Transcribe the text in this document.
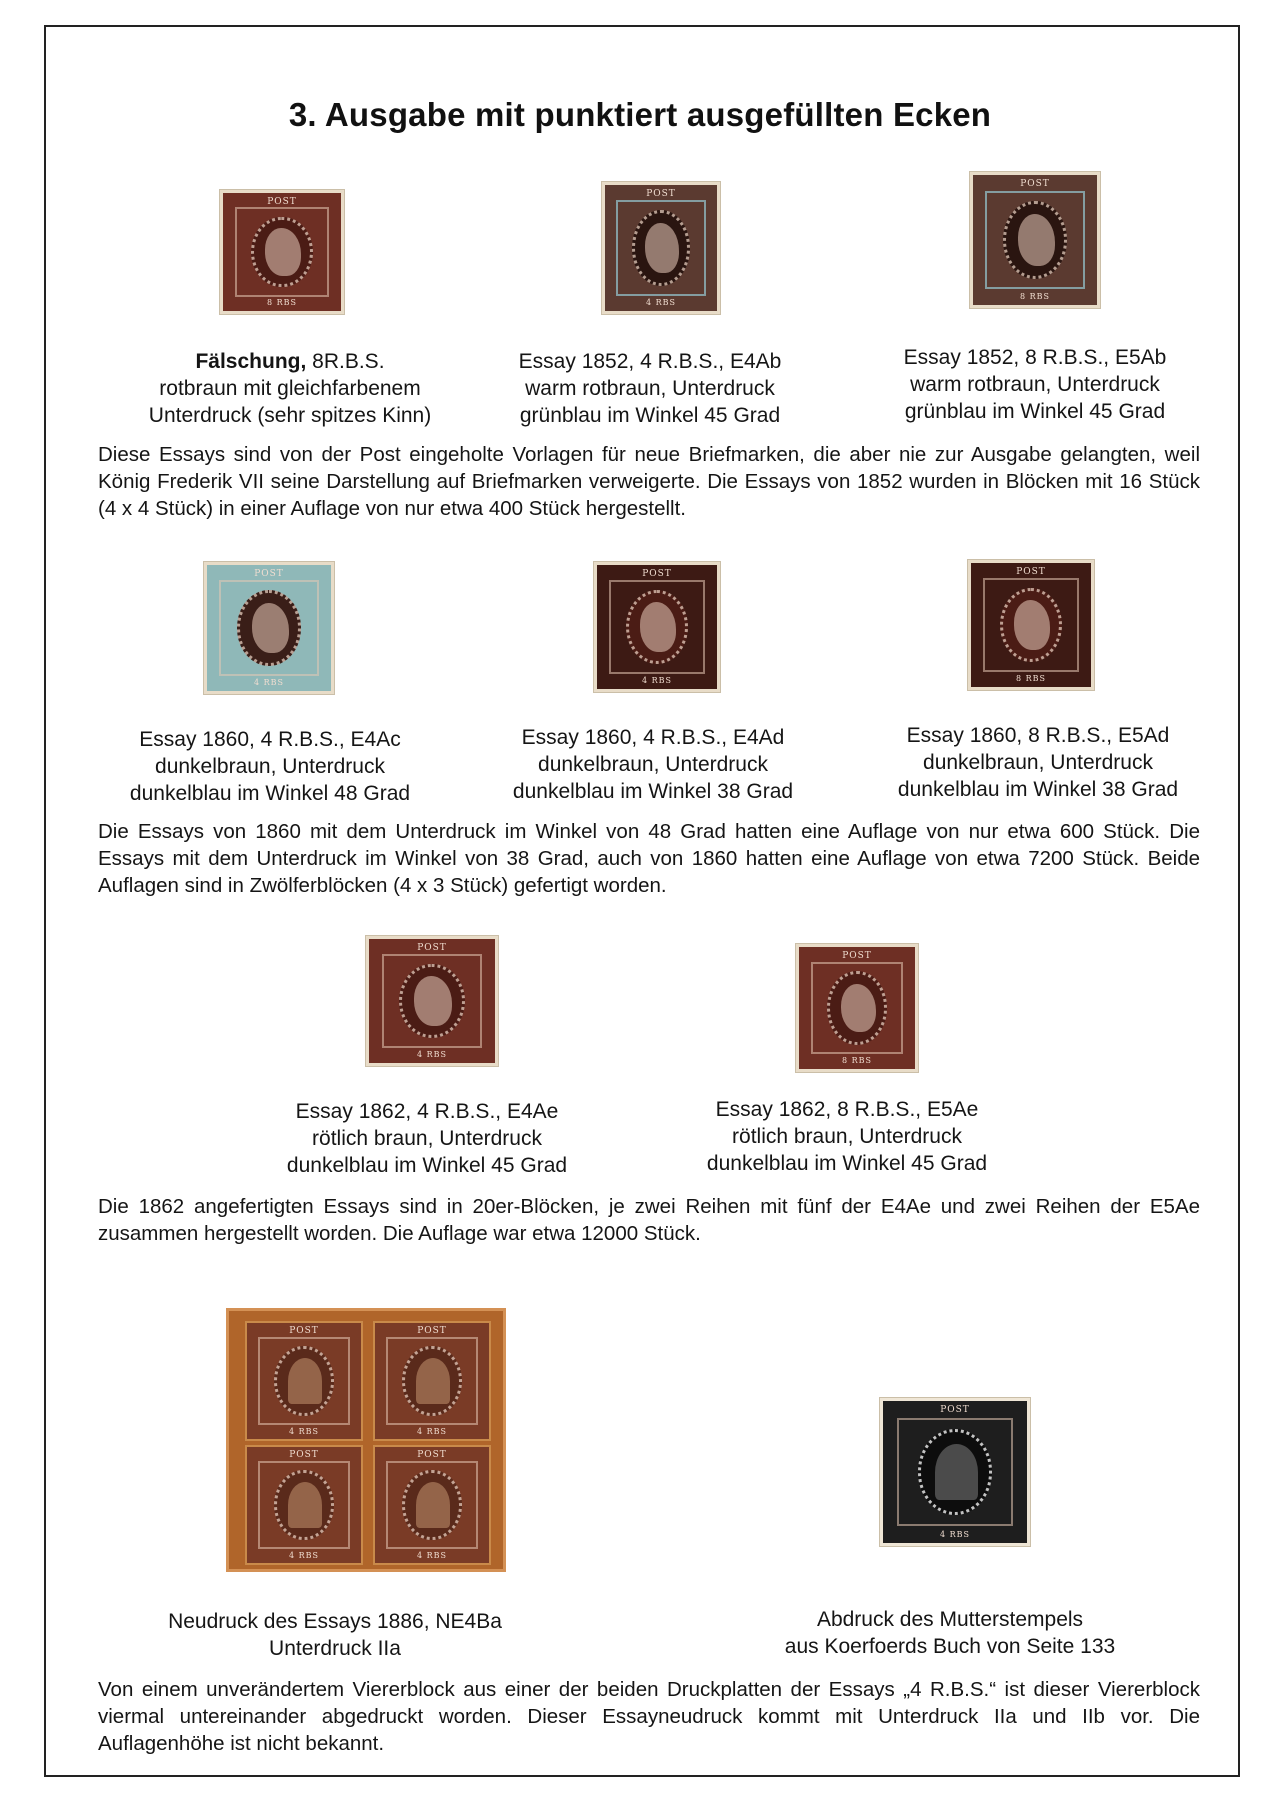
3. Ausgabe mit punktiert ausgefüllten Ecken
POST
8 RBS
POST
4 RBS
POST
8 RBS
Fälschung, 8R.B.S.
rotbraun mit gleichfarbenem
Unterdruck (sehr spitzes Kinn)
Essay 1852, 4 R.B.S., E4Ab
warm rotbraun, Unterdruck
grünblau im Winkel 45 Grad
Essay 1852, 8 R.B.S., E5Ab
warm rotbraun, Unterdruck
grünblau im Winkel 45 Grad
Diese Essays sind von der Post eingeholte Vorlagen für neue Briefmarken, die aber nie zur Ausgabe gelangten, weil König Frederik VII seine Darstellung auf Briefmarken verweigerte. Die Essays von 1852 wurden in Blöcken mit 16 Stück (4 x 4 Stück) in einer Auflage von nur etwa 400 Stück hergestellt.
POST
4 RBS
POST
4 RBS
POST
8 RBS
Essay 1860, 4 R.B.S., E4Ac
dunkelbraun, Unterdruck
dunkelblau im Winkel 48 Grad
Essay 1860, 4 R.B.S., E4Ad
dunkelbraun, Unterdruck
dunkelblau im Winkel 38 Grad
Essay 1860, 8 R.B.S., E5Ad
dunkelbraun, Unterdruck
dunkelblau im Winkel 38 Grad
Die Essays von 1860 mit dem Unterdruck im Winkel von 48 Grad hatten eine Auflage von nur etwa 600 Stück. Die Essays mit dem Unterdruck im Winkel von 38 Grad, auch von 1860 hatten eine Auflage von etwa 7200 Stück. Beide Auflagen sind in Zwölferblöcken (4 x 3 Stück) gefertigt worden.
POST
4 RBS
POST
8 RBS
Essay 1862, 4 R.B.S., E4Ae
rötlich braun, Unterdruck
dunkelblau im Winkel 45 Grad
Essay 1862, 8 R.B.S., E5Ae
rötlich braun, Unterdruck
dunkelblau im Winkel 45 Grad
Die 1862 angefertigten Essays sind in 20er-Blöcken, je zwei Reihen mit fünf der E4Ae und zwei Reihen der E5Ae zusammen hergestellt worden. Die Auflage war etwa 12000 Stück.
POST
4 RBS
POST
4 RBS
POST
4 RBS
POST
4 RBS
POST
4 RBS
Neudruck des Essays 1886, NE4Ba
Unterdruck IIa
Abdruck des Mutterstempels
aus Koerfoerds Buch von Seite 133
Von einem unverändertem Viererblock aus einer der beiden Druckplatten der Essays „4 R.B.S.“ ist dieser Viererblock viermal untereinander abgedruckt worden. Dieser Essayneudruck kommt mit Unterdruck IIa und IIb vor. Die Auflagenhöhe ist nicht bekannt.
